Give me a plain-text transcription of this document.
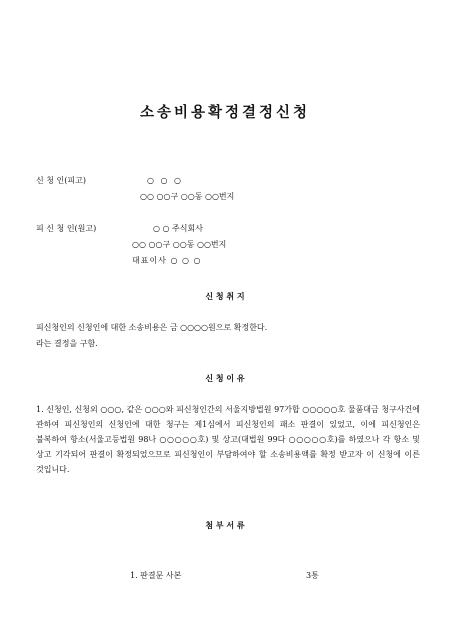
소송비용확정결정신청
신 청 인(피고)	○ ○ ○
○○ ○○구 ○○동 ○○번지
피 신 청 인(원고)	○ ○ 주식회사
○○ ○○구 ○○동 ○○번지
대표이사 ○ ○ ○
신 청 취 지
피신청인의 신청인에 대한 소송비용은 금 ○○○○원으로 확정한다.
라는 결정을 구함.
신 청 이 유
1. 신청인, 신청외 ○○○, 같은 ○○○와 피신청인간의 서울지방법원 97가합 ○○○○○호 물품대금 청구사건에 관하여 피신청인의 신청인에 대한 청구는 제1심에서 피신청인의 패소 판결이 있었고, 이에 피신청인은 불복하여 항소(서울고등법원 98나 ○○○○○호) 및 상고(대법원 99다 ○○○○○호)를 하였으나 각 항소 및 상고 기각되어 판결이 확정되었으므로 피신청인이 부담하여야 할 소송비용액를 확정 받고자 이 신청에 이른 것입니다.
첨 부 서 류
1. 판결문 사본	3통
